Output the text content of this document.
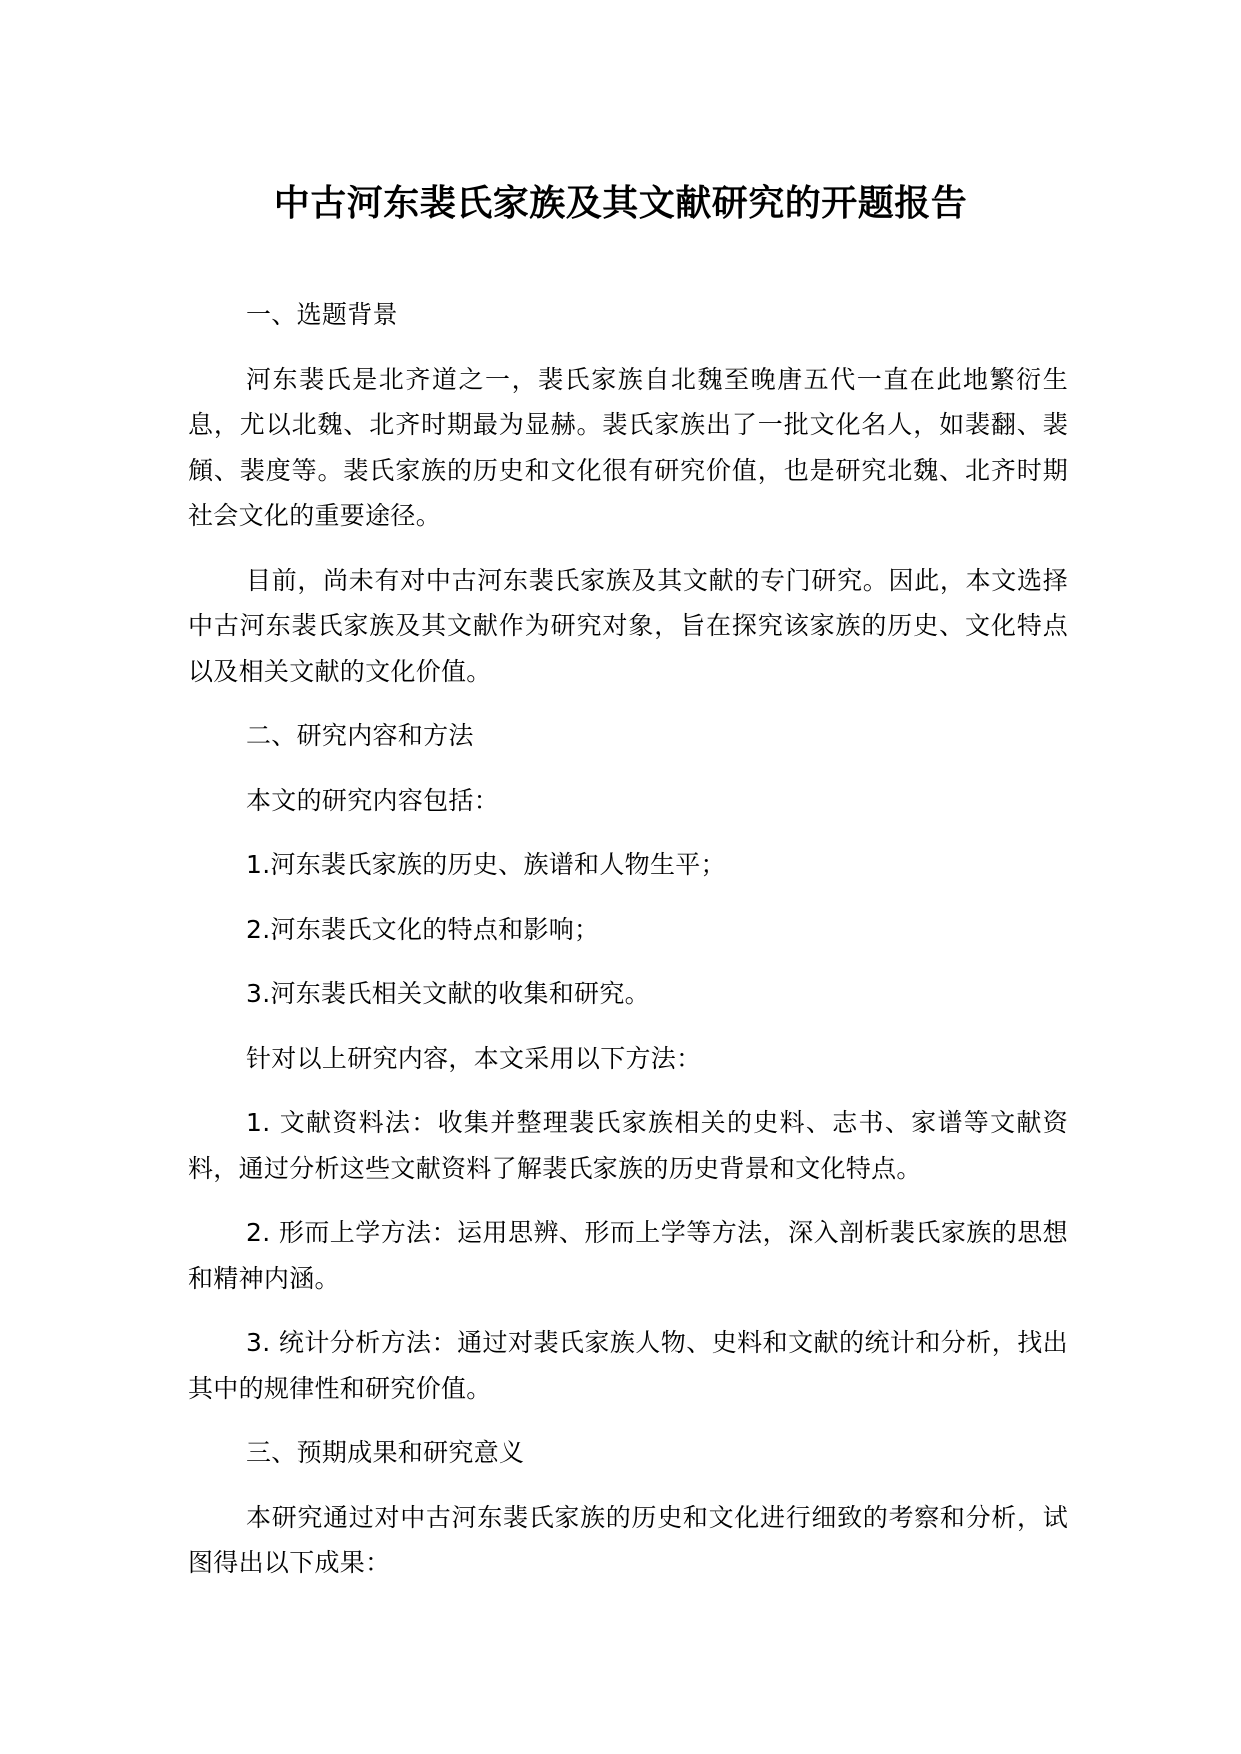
中古河东裴氏家族及其文献研究的开题报告

一、选题背景

河东裴氏是北齐道之一，裴氏家族自北魏至晚唐五代一直在此地繁衍生息，尤以北魏、北齐时期最为显赫。裴氏家族出了一批文化名人，如裴翻、裴頠、裴度等。裴氏家族的历史和文化很有研究价值，也是研究北魏、北齐时期社会文化的重要途径。

目前，尚未有对中古河东裴氏家族及其文献的专门研究。因此，本文选择中古河东裴氏家族及其文献作为研究对象，旨在探究该家族的历史、文化特点以及相关文献的文化价值。

二、研究内容和方法

本文的研究内容包括：

1.河东裴氏家族的历史、族谱和人物生平；

2.河东裴氏文化的特点和影响；

3.河东裴氏相关文献的收集和研究。

针对以上研究内容，本文采用以下方法：

1. 文献资料法：收集并整理裴氏家族相关的史料、志书、家谱等文献资料，通过分析这些文献资料了解裴氏家族的历史背景和文化特点。

2. 形而上学方法：运用思辨、形而上学等方法，深入剖析裴氏家族的思想和精神内涵。

3. 统计分析方法：通过对裴氏家族人物、史料和文献的统计和分析，找出其中的规律性和研究价值。

三、预期成果和研究意义

本研究通过对中古河东裴氏家族的历史和文化进行细致的考察和分析，试图得出以下成果：
